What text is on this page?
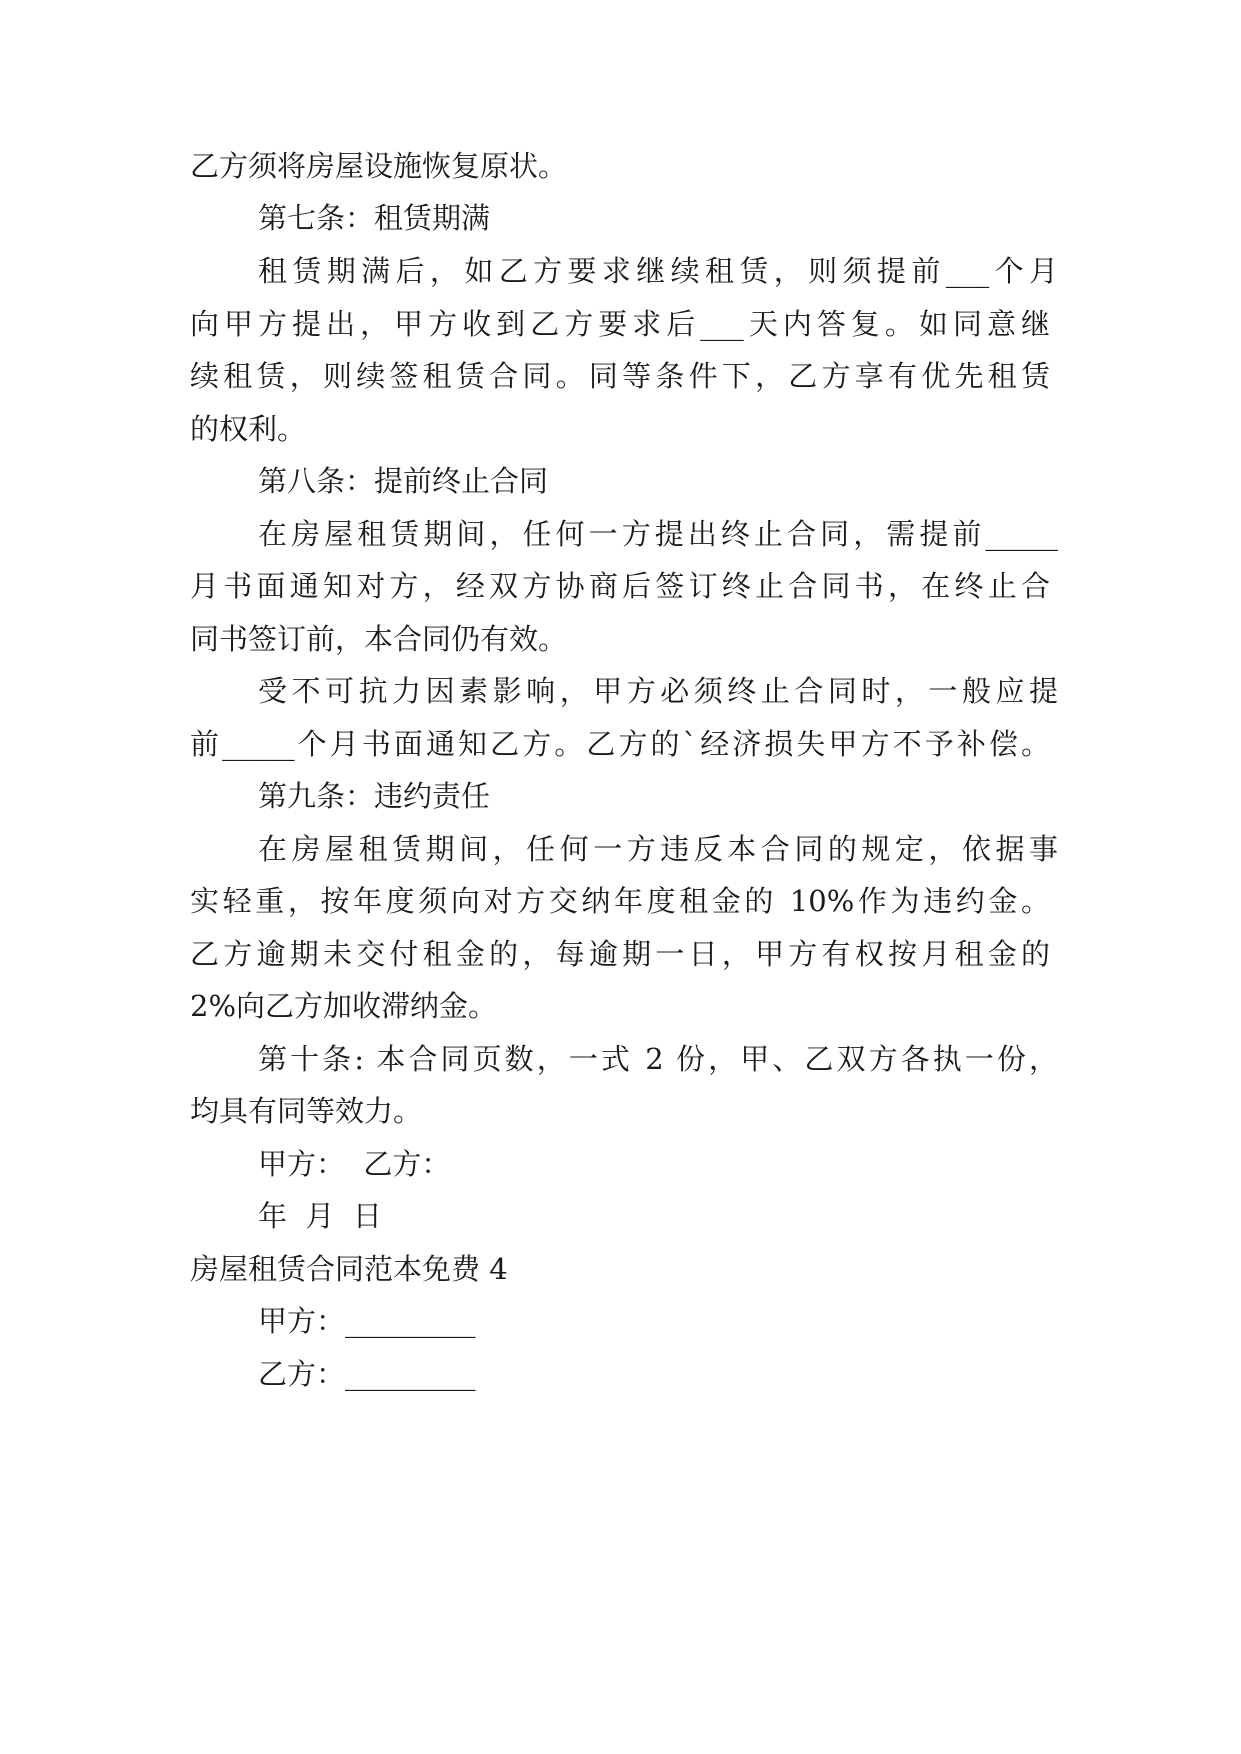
乙方须将房屋设施恢复原状。
第七条：租赁期满
租赁期满后，如乙方要求继续租赁，则须提前___个月
向甲方提出，甲方收到乙方要求后___天内答复。如同意继
续租赁，则续签租赁合同。同等条件下，乙方享有优先租赁
的权利。
第八条：提前终止合同
在房屋租赁期间，任何一方提出终止合同，需提前_____
月书面通知对方，经双方协商后签订终止合同书，在终止合
同书签订前，本合同仍有效。
受不可抗力因素影响，甲方必须终止合同时，一般应提
前_____个月书面通知乙方。乙方的`经济损失甲方不予补偿。
第九条：违约责任
在房屋租赁期间，任何一方违反本合同的规定，依据事
实轻重，按年度须向对方交纳年度租金的 10%作为违约金。
乙方逾期未交付租金的，每逾期一日，甲方有权按月租金的
2%向乙方加收滞纳金。
第十条: 本合同页数，一式 2 份，甲、乙双方各执一份，
均具有同等效力。
甲方：  乙方：
年  月  日
房屋租赁合同范本免费 4
甲方：_________
乙方：_________
